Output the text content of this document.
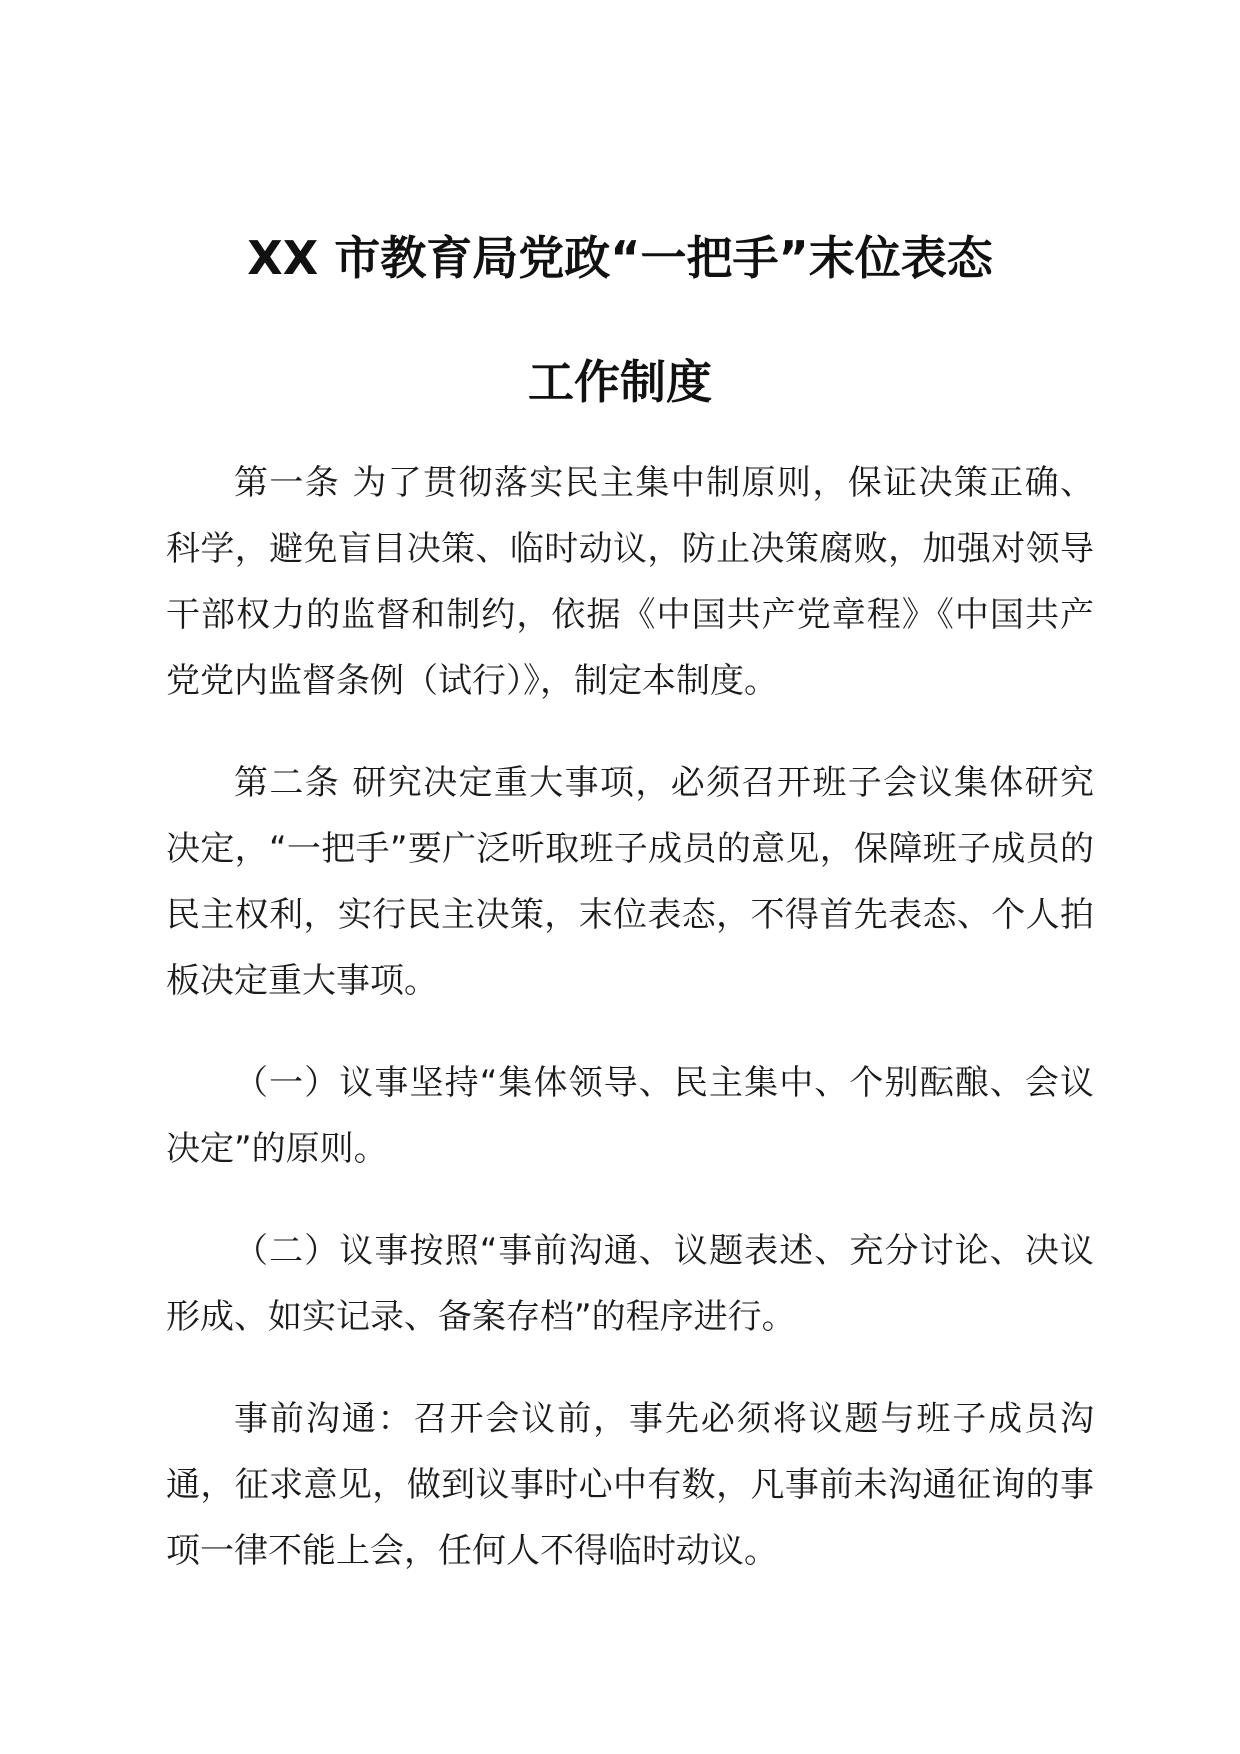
XX 市教育局党政“一把手”末位表态
工作制度

第一条 为了贯彻落实民主集中制原则，保证决策正确、科学，避免盲目决策、临时动议，防止决策腐败，加强对领导干部权力的监督和制约，依据《中国共产党章程》《中国共产党党内监督条例（试行）》，制定本制度。

第二条 研究决定重大事项，必须召开班子会议集体研究决定，“一把手”要广泛听取班子成员的意见，保障班子成员的民主权利，实行民主决策，末位表态，不得首先表态、个人拍板决定重大事项。

（一）议事坚持“集体领导、民主集中、个别酝酿、会议决定”的原则。

（二）议事按照“事前沟通、议题表述、充分讨论、决议形成、如实记录、备案存档”的程序进行。

事前沟通：召开会议前，事先必须将议题与班子成员沟通，征求意见，做到议事时心中有数，凡事前未沟通征询的事项一律不能上会，任何人不得临时动议。
